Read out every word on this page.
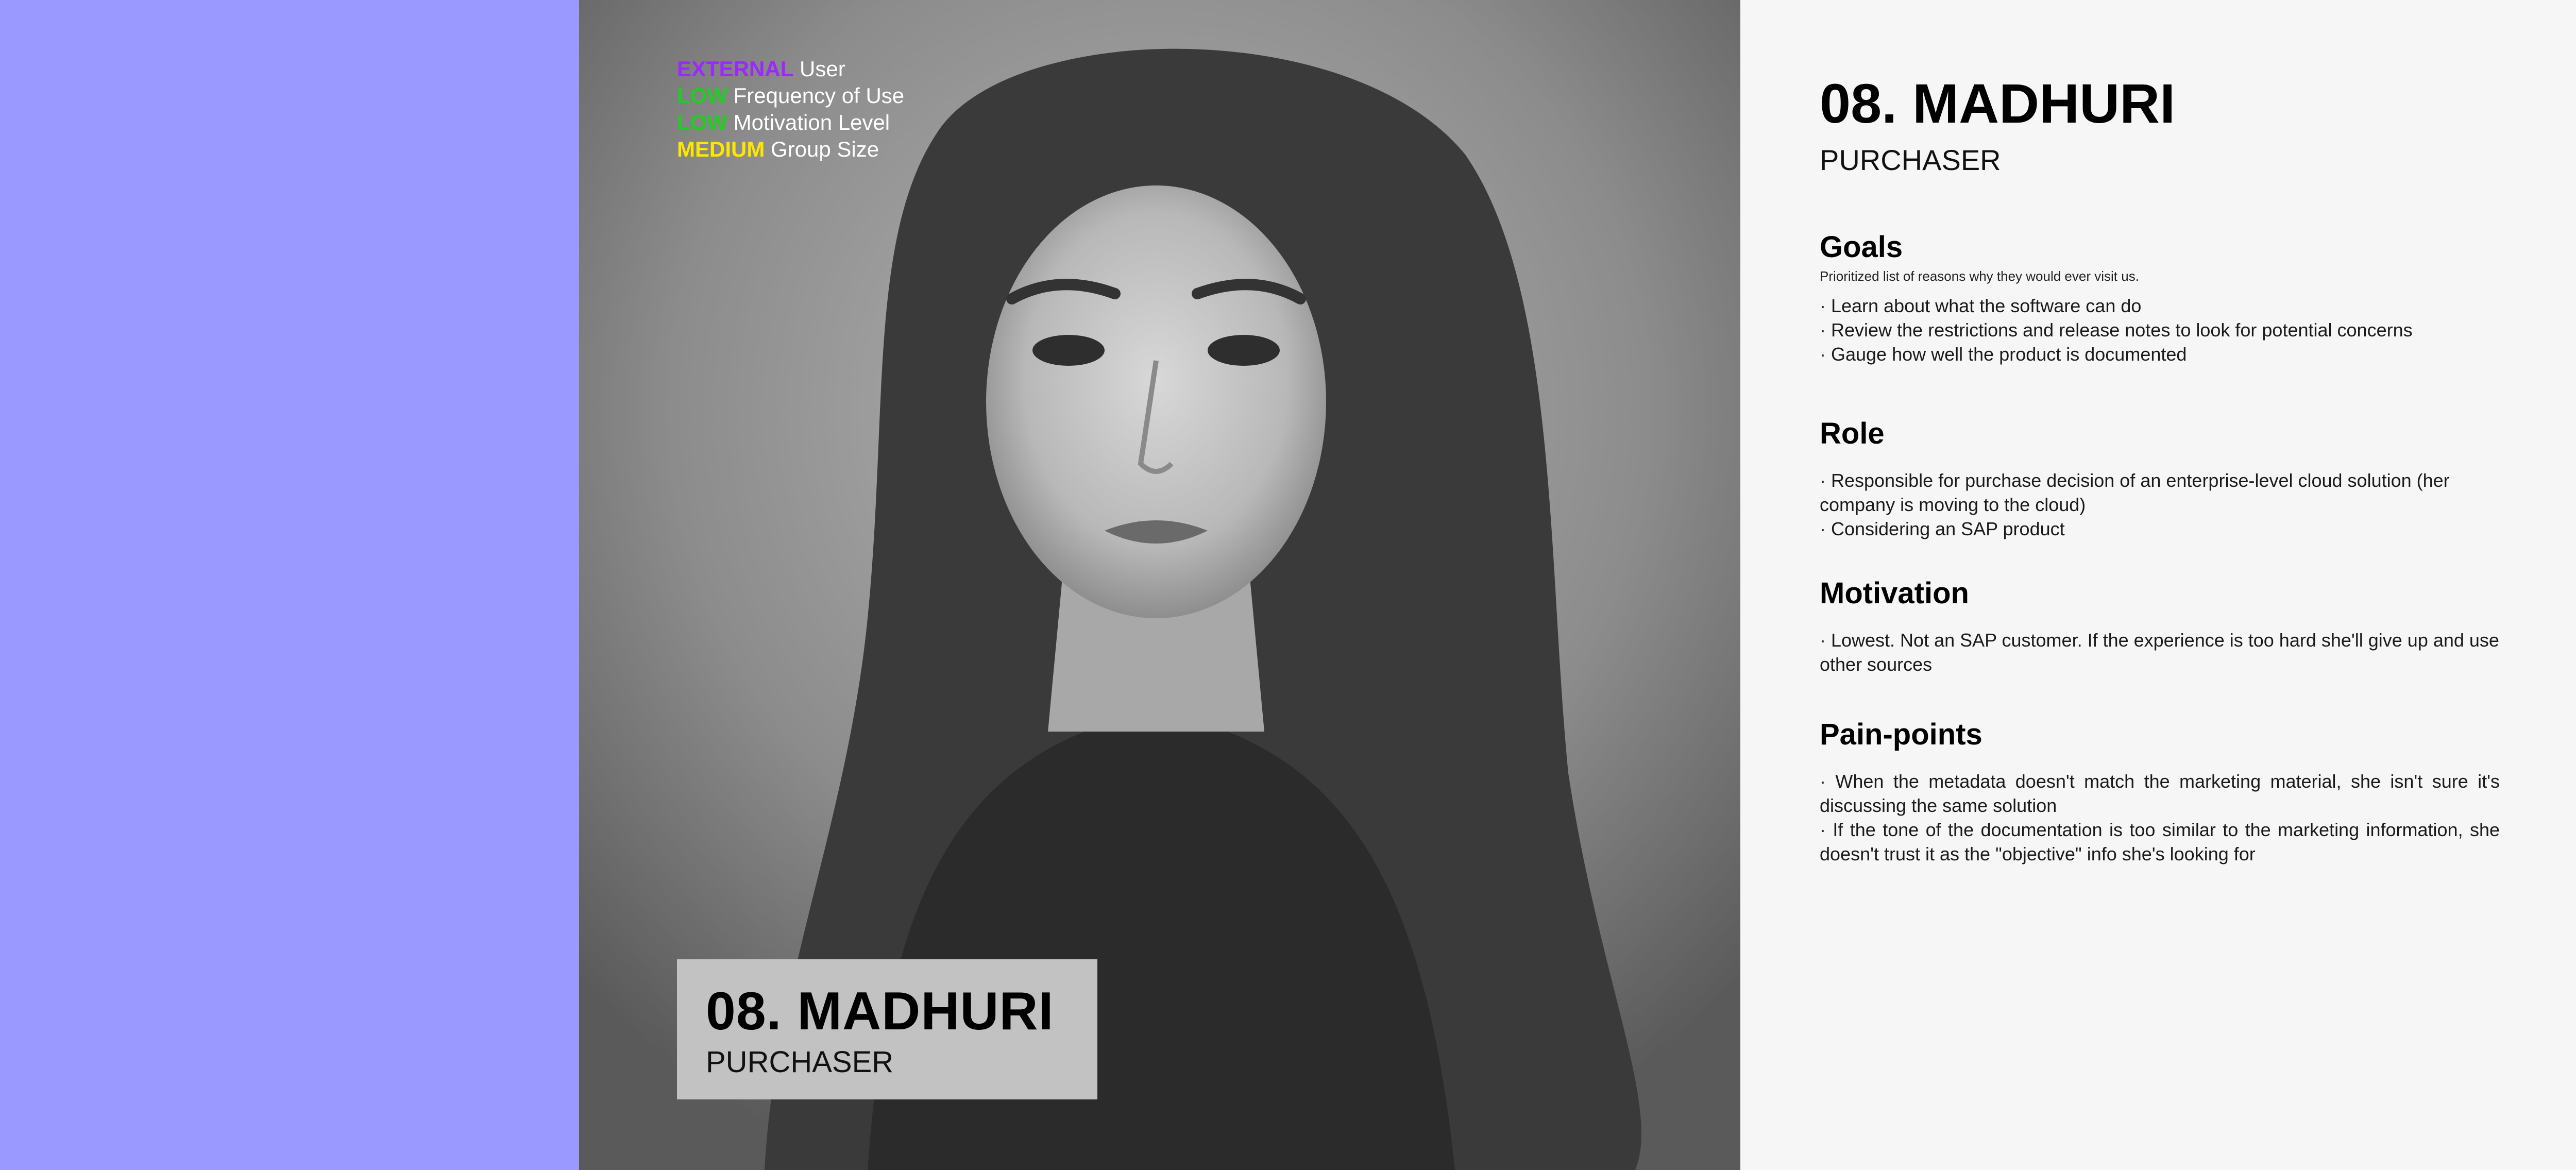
EXTERNAL User
LOW Frequency of Use
LOW Motivation Level
MEDIUM Group Size
08. MADHURI
PURCHASER
08. MADHURI
PURCHASER
Goals
Prioritized list of reasons why they would ever visit us.
· Learn about what the software can do
· Review the restrictions and release notes to look for potential concerns
· Gauge how well the product is documented
Role
· Responsible for purchase decision of an enterprise-level cloud solution (her company is moving to the cloud)
· Considering an SAP product
Motivation
· Lowest. Not an SAP customer. If the experience is too hard she'll give up and use other sources
Pain-points
· When the metadata doesn't match the marketing material, she isn't sure it's discussing the same solution
· If the tone of the documentation is too similar to the marketing information, she doesn't trust it as the "objective" info she's looking for
